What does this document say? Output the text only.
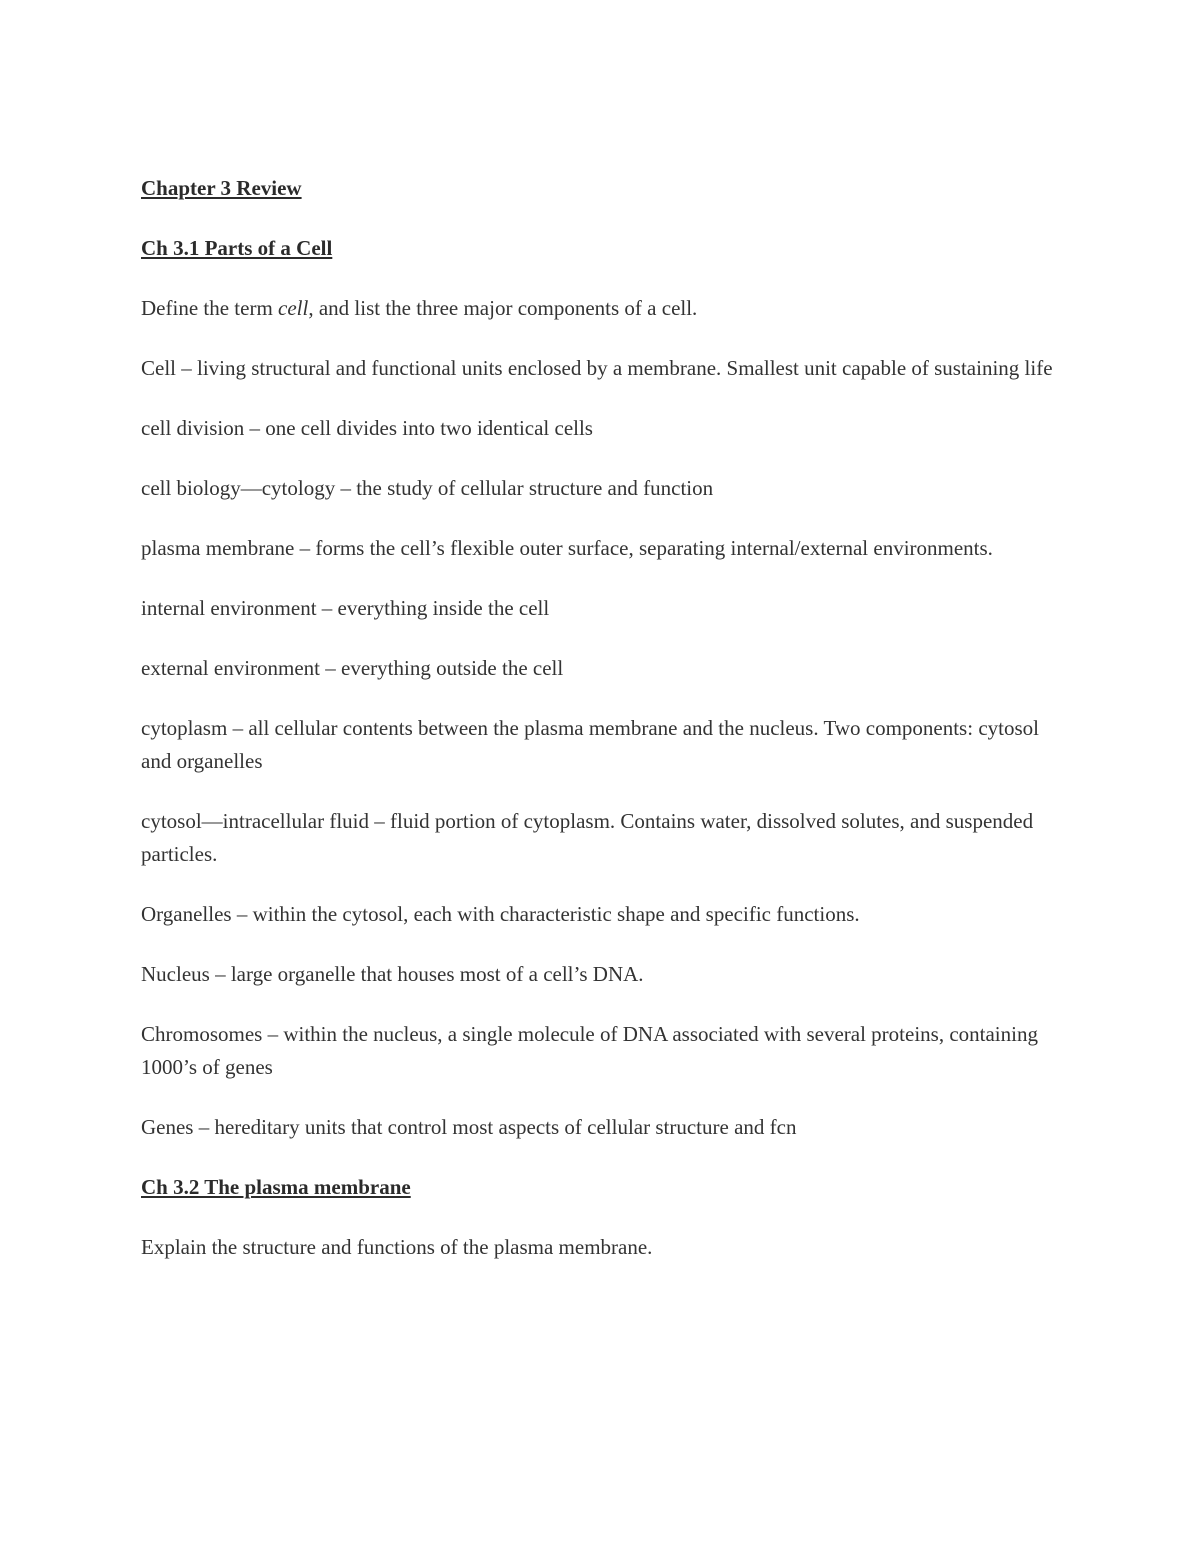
Chapter 3 Review
Ch 3.1 Parts of a Cell

Define the term cell, and list the three major components of a cell.

Cell – living structural and functional units enclosed by a membrane. Smallest unit capable of sustaining life

cell division – one cell divides into two identical cells

cell biology—cytology – the study of cellular structure and function

plasma membrane – forms the cell’s flexible outer surface, separating internal/external environments.

internal environment – everything inside the cell

external environment – everything outside the cell

cytoplasm – all cellular contents between the plasma membrane and the nucleus. Two components: cytosol and organelles

cytosol—intracellular fluid – fluid portion of cytoplasm. Contains water, dissolved solutes, and suspended particles.

Organelles – within the cytosol, each with characteristic shape and specific functions.

Nucleus – large organelle that houses most of a cell’s DNA.

Chromosomes – within the nucleus, a single molecule of DNA associated with several proteins, containing 1000’s of genes

Genes – hereditary units that control most aspects of cellular structure and fcn

Ch 3.2 The plasma membrane

Explain the structure and functions of the plasma membrane.
